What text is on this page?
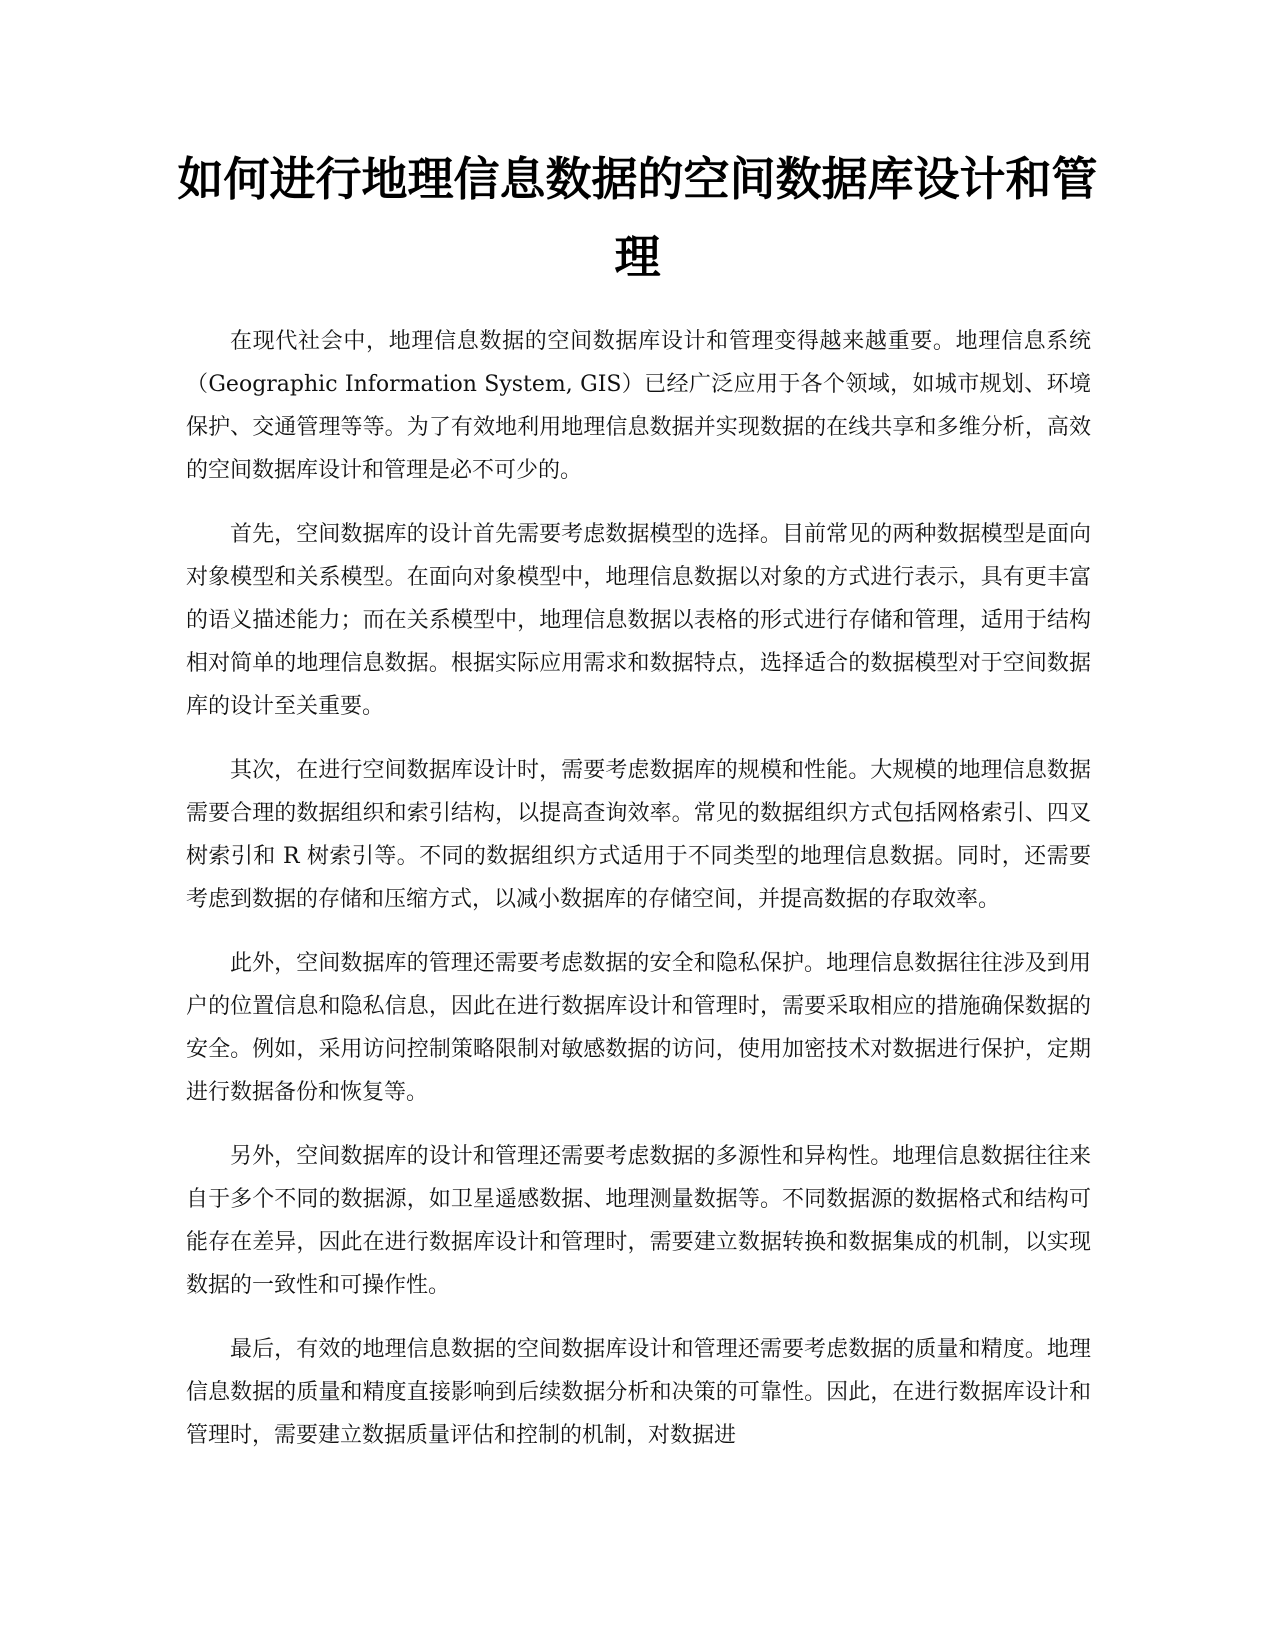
如何进行地理信息数据的空间数据库设计和管理

在现代社会中，地理信息数据的空间数据库设计和管理变得越来越重要。地理信息系统（Geographic Information System, GIS）已经广泛应用于各个领域，如城市规划、环境保护、交通管理等等。为了有效地利用地理信息数据并实现数据的在线共享和多维分析，高效的空间数据库设计和管理是必不可少的。

首先，空间数据库的设计首先需要考虑数据模型的选择。目前常见的两种数据模型是面向对象模型和关系模型。在面向对象模型中，地理信息数据以对象的方式进行表示，具有更丰富的语义描述能力；而在关系模型中，地理信息数据以表格的形式进行存储和管理，适用于结构相对简单的地理信息数据。根据实际应用需求和数据特点，选择适合的数据模型对于空间数据库的设计至关重要。

其次，在进行空间数据库设计时，需要考虑数据库的规模和性能。大规模的地理信息数据需要合理的数据组织和索引结构，以提高查询效率。常见的数据组织方式包括网格索引、四叉树索引和 R 树索引等。不同的数据组织方式适用于不同类型的地理信息数据。同时，还需要考虑到数据的存储和压缩方式，以减小数据库的存储空间，并提高数据的存取效率。

此外，空间数据库的管理还需要考虑数据的安全和隐私保护。地理信息数据往往涉及到用户的位置信息和隐私信息，因此在进行数据库设计和管理时，需要采取相应的措施确保数据的安全。例如，采用访问控制策略限制对敏感数据的访问，使用加密技术对数据进行保护，定期进行数据备份和恢复等。

另外，空间数据库的设计和管理还需要考虑数据的多源性和异构性。地理信息数据往往来自于多个不同的数据源，如卫星遥感数据、地理测量数据等。不同数据源的数据格式和结构可能存在差异，因此在进行数据库设计和管理时，需要建立数据转换和数据集成的机制，以实现数据的一致性和可操作性。

最后，有效的地理信息数据的空间数据库设计和管理还需要考虑数据的质量和精度。地理信息数据的质量和精度直接影响到后续数据分析和决策的可靠性。因此，在进行数据库设计和管理时，需要建立数据质量评估和控制的机制，对数据进
